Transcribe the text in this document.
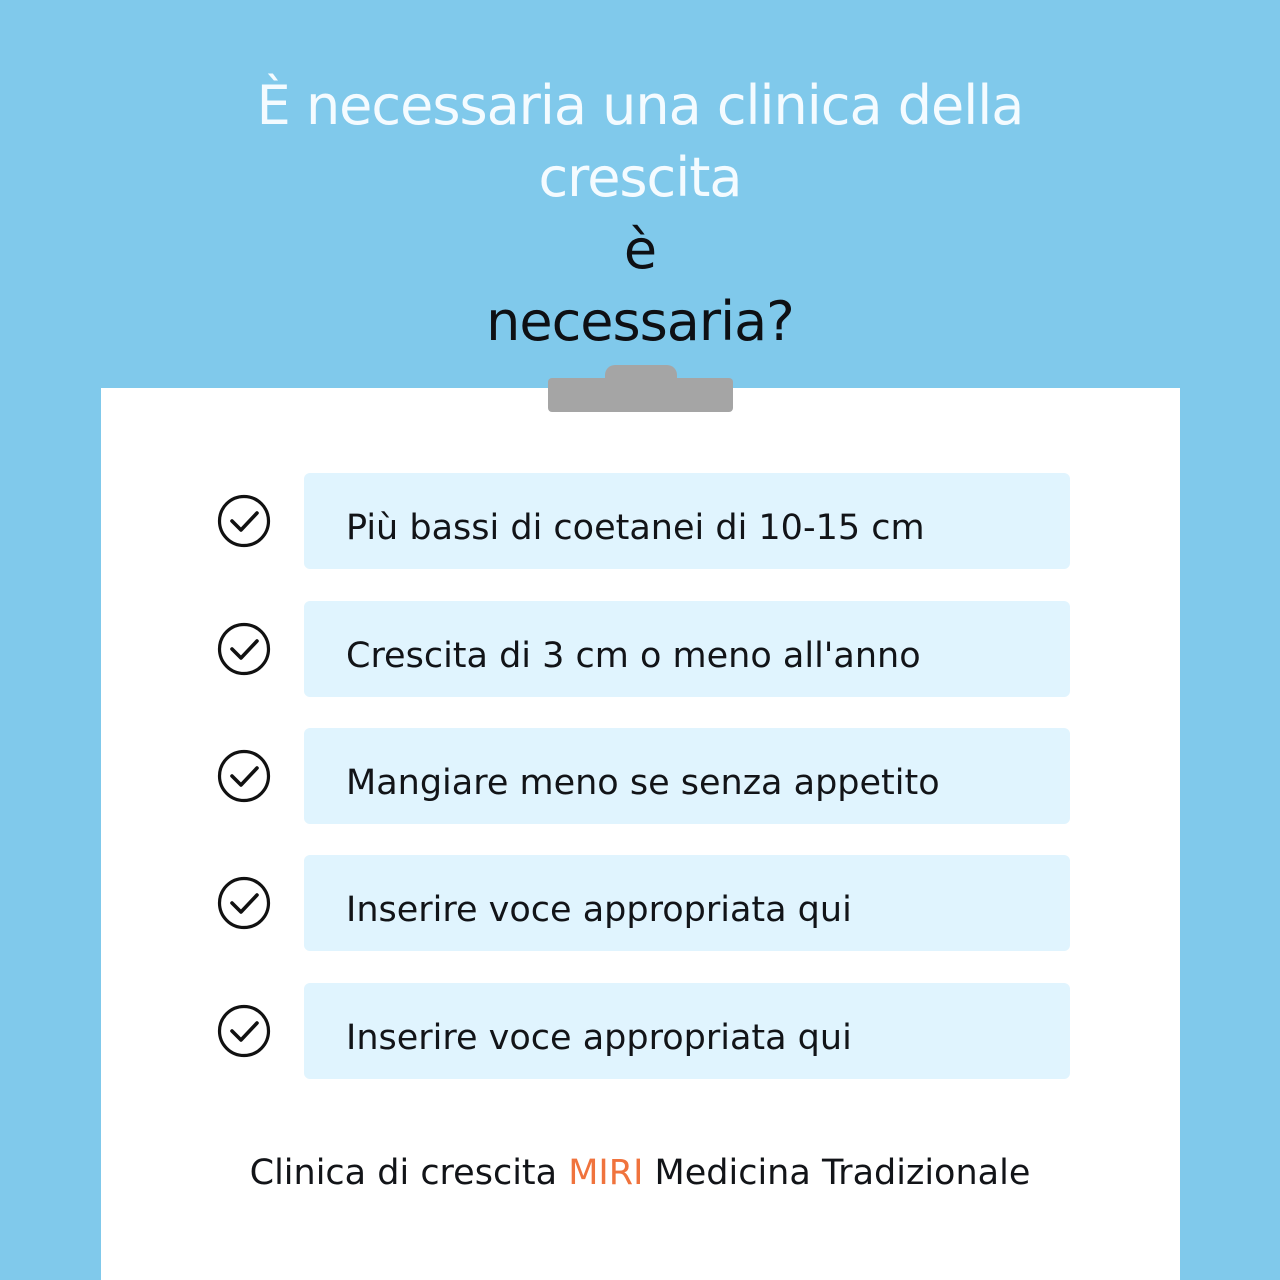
È necessaria una clinica della
crescita
è
necessaria?
Più bassi di coetanei di 10-15 cm
Crescita di 3 cm o meno all'anno
Mangiare meno se senza appetito
Inserire voce appropriata qui
Inserire voce appropriata qui
Clinica di crescita MIRI Medicina Tradizionale
